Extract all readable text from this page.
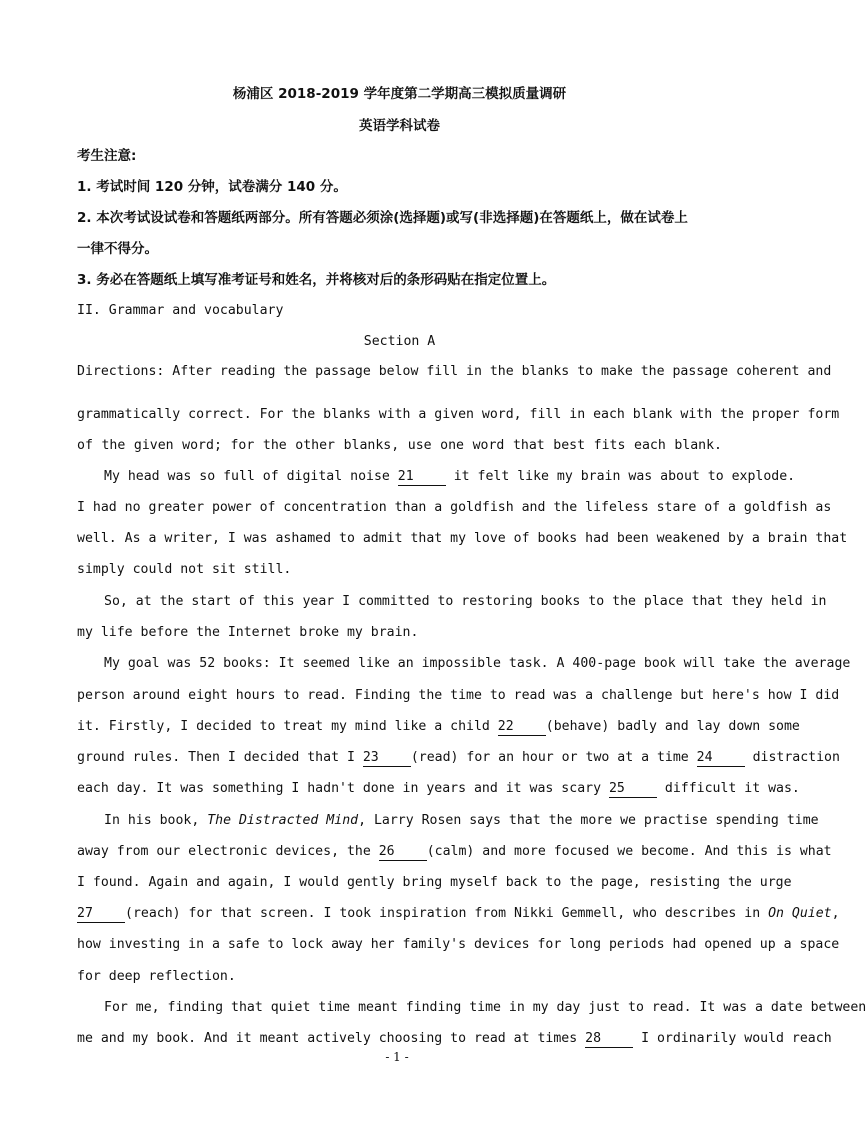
杨浦区 2018-2019 学年度第二学期高三模拟质量调研
英语学科试卷
考生注意:
1. 考试时间 120 分钟，试卷满分 140 分。
2. 本次考试设试卷和答题纸两部分。所有答题必须涂(选择题)或写(非选择题)在答题纸上，做在试卷上
一律不得分。
3. 务必在答题纸上填写准考证号和姓名，并将核对后的条形码贴在指定位置上。
II. Grammar and vocabulary
Section A
Directions: After reading the passage below fill in the blanks to make the passage coherent and
grammatically correct. For the blanks with a given word, fill in each blank with the proper form
of the given word; for the other blanks, use one word that best fits each blank.
My head was so full of digital noise 21 it felt like my brain was about to explode.
I had no greater power of concentration than a goldfish and the lifeless stare of a goldfish as
well. As a writer, I was ashamed to admit that my love of books had been weakened by a brain that
simply could not sit still.
So, at the start of this year I committed to restoring books to the place that they held in
my life before the Internet broke my brain.
My goal was 52 books: It seemed like an impossible task. A 400-page book will take the average
person around eight hours to read. Finding the time to read was a challenge but here's how I did
it. Firstly, I decided to treat my mind like a child 22 (behave) badly and lay down some
ground rules. Then I decided that I 23 (read) for an hour or two at a time 24 distraction
each day. It was something I hadn't done in years and it was scary 25 difficult it was.
In his book, The Distracted Mind, Larry Rosen says that the more we practise spending time
away from our electronic devices, the 26 (calm) and more focused we become. And this is what
I found. Again and again, I would gently bring myself back to the page, resisting the urge
27 (reach) for that screen. I took inspiration from Nikki Gemmell, who describes in On Quiet,
how investing in a safe to lock away her family's devices for long periods had opened up a space
for deep reflection.
For me, finding that quiet time meant finding time in my day just to read. It was a date between
me and my book. And it meant actively choosing to read at times 28 I ordinarily would reach
- 1 -
